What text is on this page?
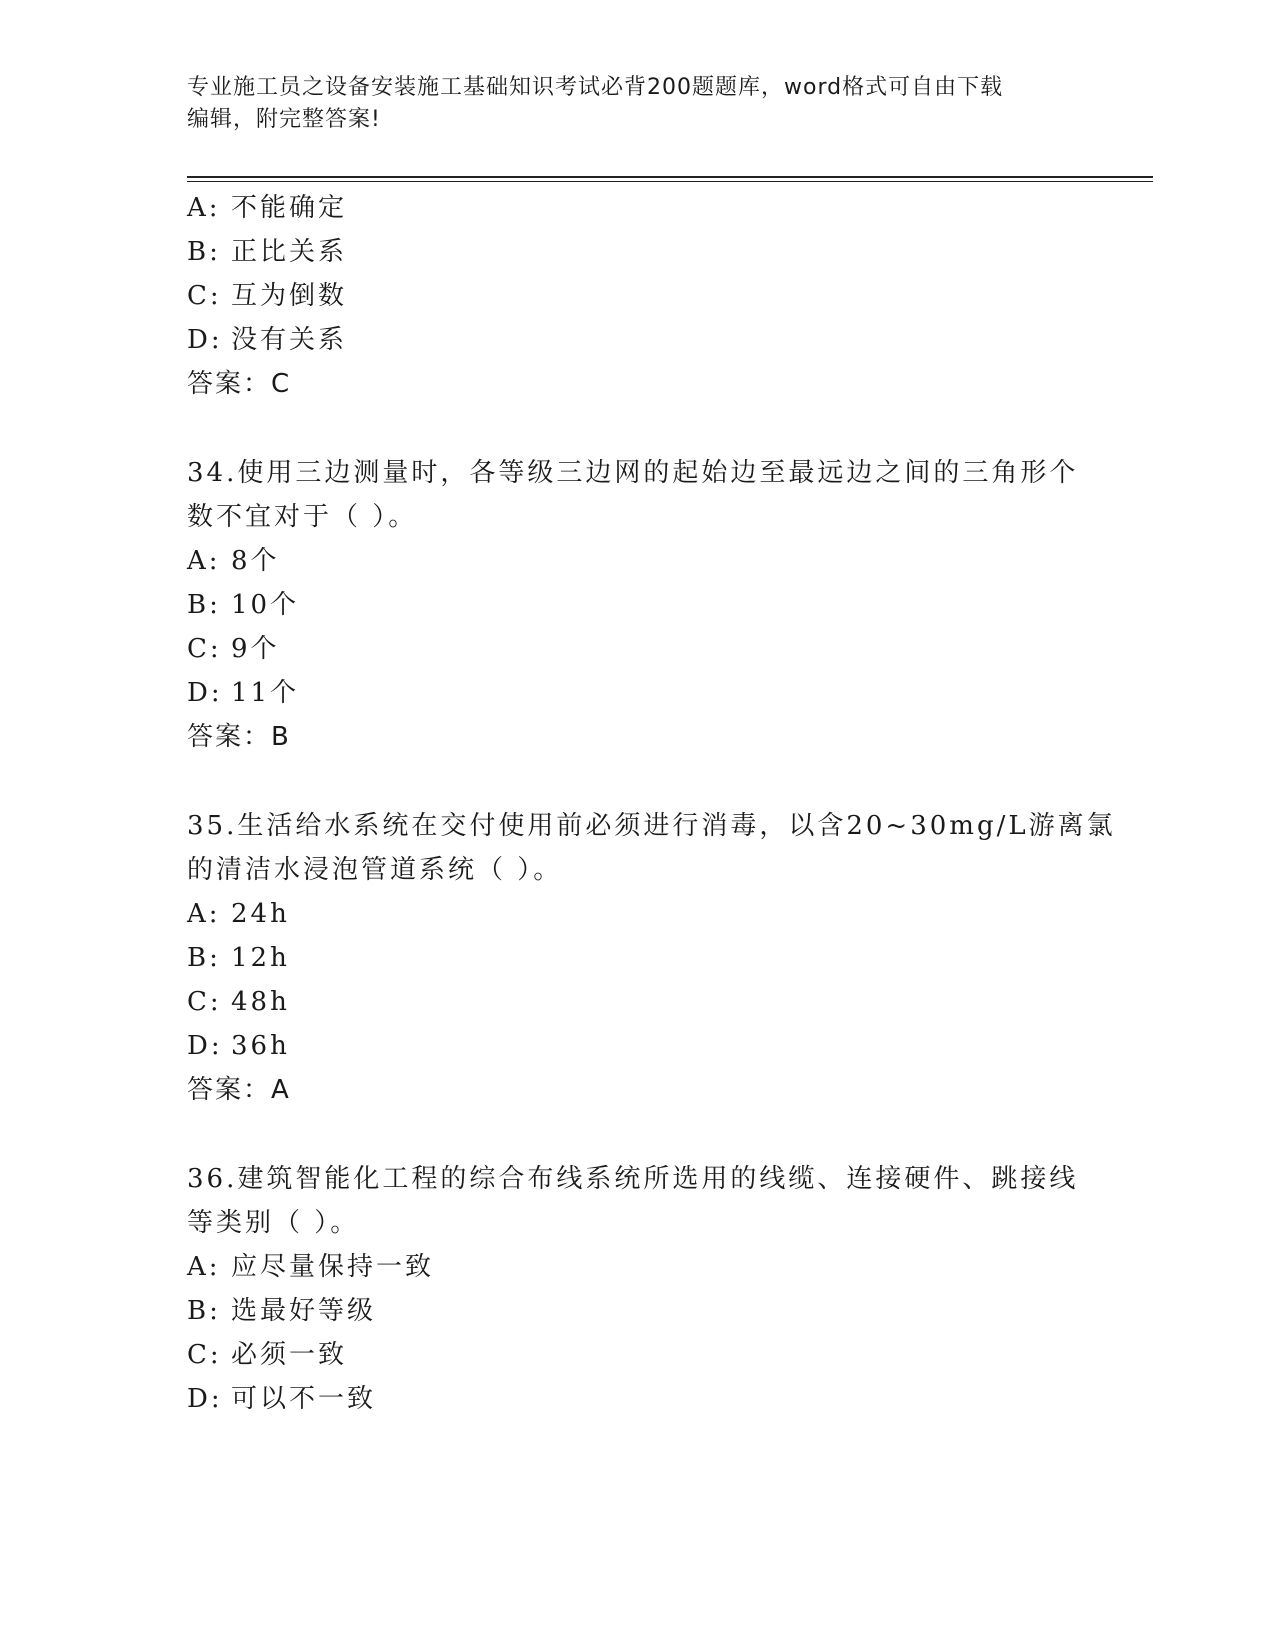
专业施工员之设备安装施工基础知识考试必背200题题库，word格式可自由下载
编辑，附完整答案!
A: 不能确定
B: 正比关系
C: 互为倒数
D: 没有关系
答案：C
34.使用三边测量时，各等级三边网的起始边至最远边之间的三角形个
数不宜对于（ ）。
A: 8个
B: 10个
C: 9个
D: 11个
答案：B
35.生活给水系统在交付使用前必须进行消毒，以含20~30mg/L游离氯
的清洁水浸泡管道系统（ ）。
A: 24h
B: 12h
C: 48h
D: 36h
答案：A
36.建筑智能化工程的综合布线系统所选用的线缆、连接硬件、跳接线
等类别（ ）。
A: 应尽量保持一致
B: 选最好等级
C: 必须一致
D: 可以不一致
